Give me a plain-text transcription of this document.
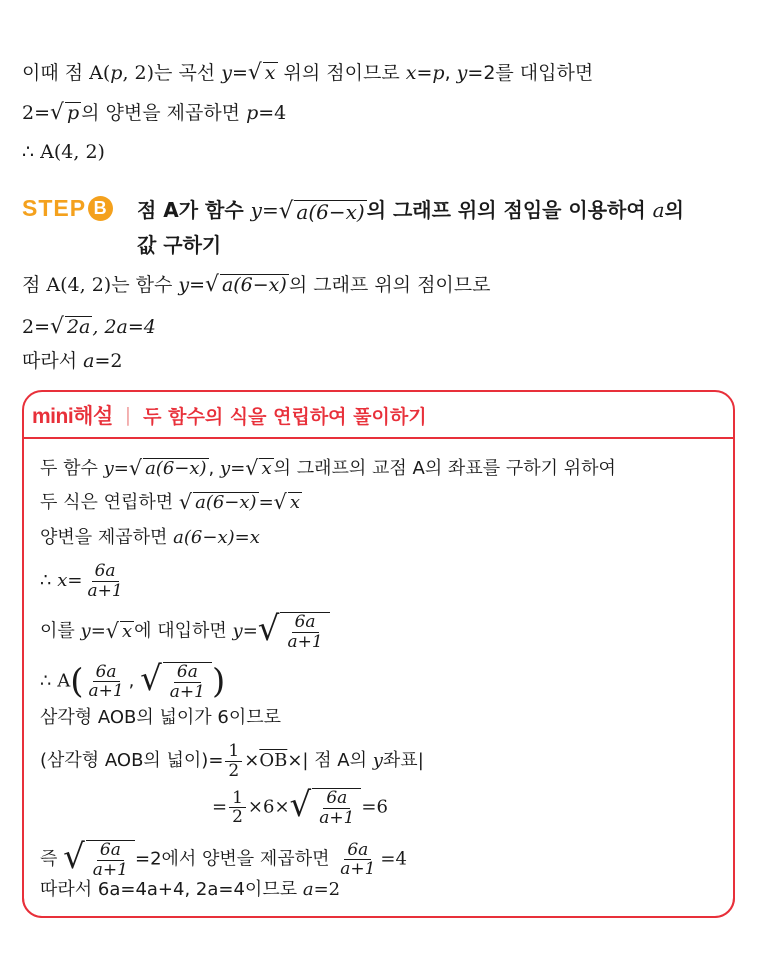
이때 점 A(p, 2)는 곡선 y= √ x 위의 점이므로 x=p, y=2를 대입하면
2= √ p 의 양변을 제곱하면 p=4
∴ A(4, 2)
STEP B 점 A가 함수 y= √ a(6−x) 의 그래프 위의 점임을 이용하여 a의
값 구하기
점 A(4, 2)는 함수 y= √ a(6−x) 의 그래프 위의 점이므로
2= √ 2a , 2a=4
따라서 a=2
mini해설 | 두 함수의 식을 연립하여 풀이하기
두 함수 y= √ a(6−x) , y= √ x 의 그래프의 교점 A의 좌표를 구하기 위하여
두 식은 연립하면 √ a(6−x) = √ x
양변을 제곱하면 a(6−x)=x
∴ $x= \frac{6a}{a+1}$
이를 y= √ x 에 대입하면 y= √ $\frac{6a}{a+1}$
∴ $A( \frac{6a}{a+1}$ , √ $\frac{6a}{a+1}$ )
삼각형 AOB의 넓이가 6이므로
(삼각형 AOB의 넓이)= $\frac{1}{2} \times\overline{OB}\times|$ 점 A의 y좌표|
= $\frac{1}{2} \times 6\times$ √ $\frac{6a}{a+1} =6$
즉 √ $\frac{6a}{a+1} =2$에서 양변을 제곱하면 $\frac{6a}{a+1} =4$
따라서 6a=4a+4, 2a=4이므로 a=2
